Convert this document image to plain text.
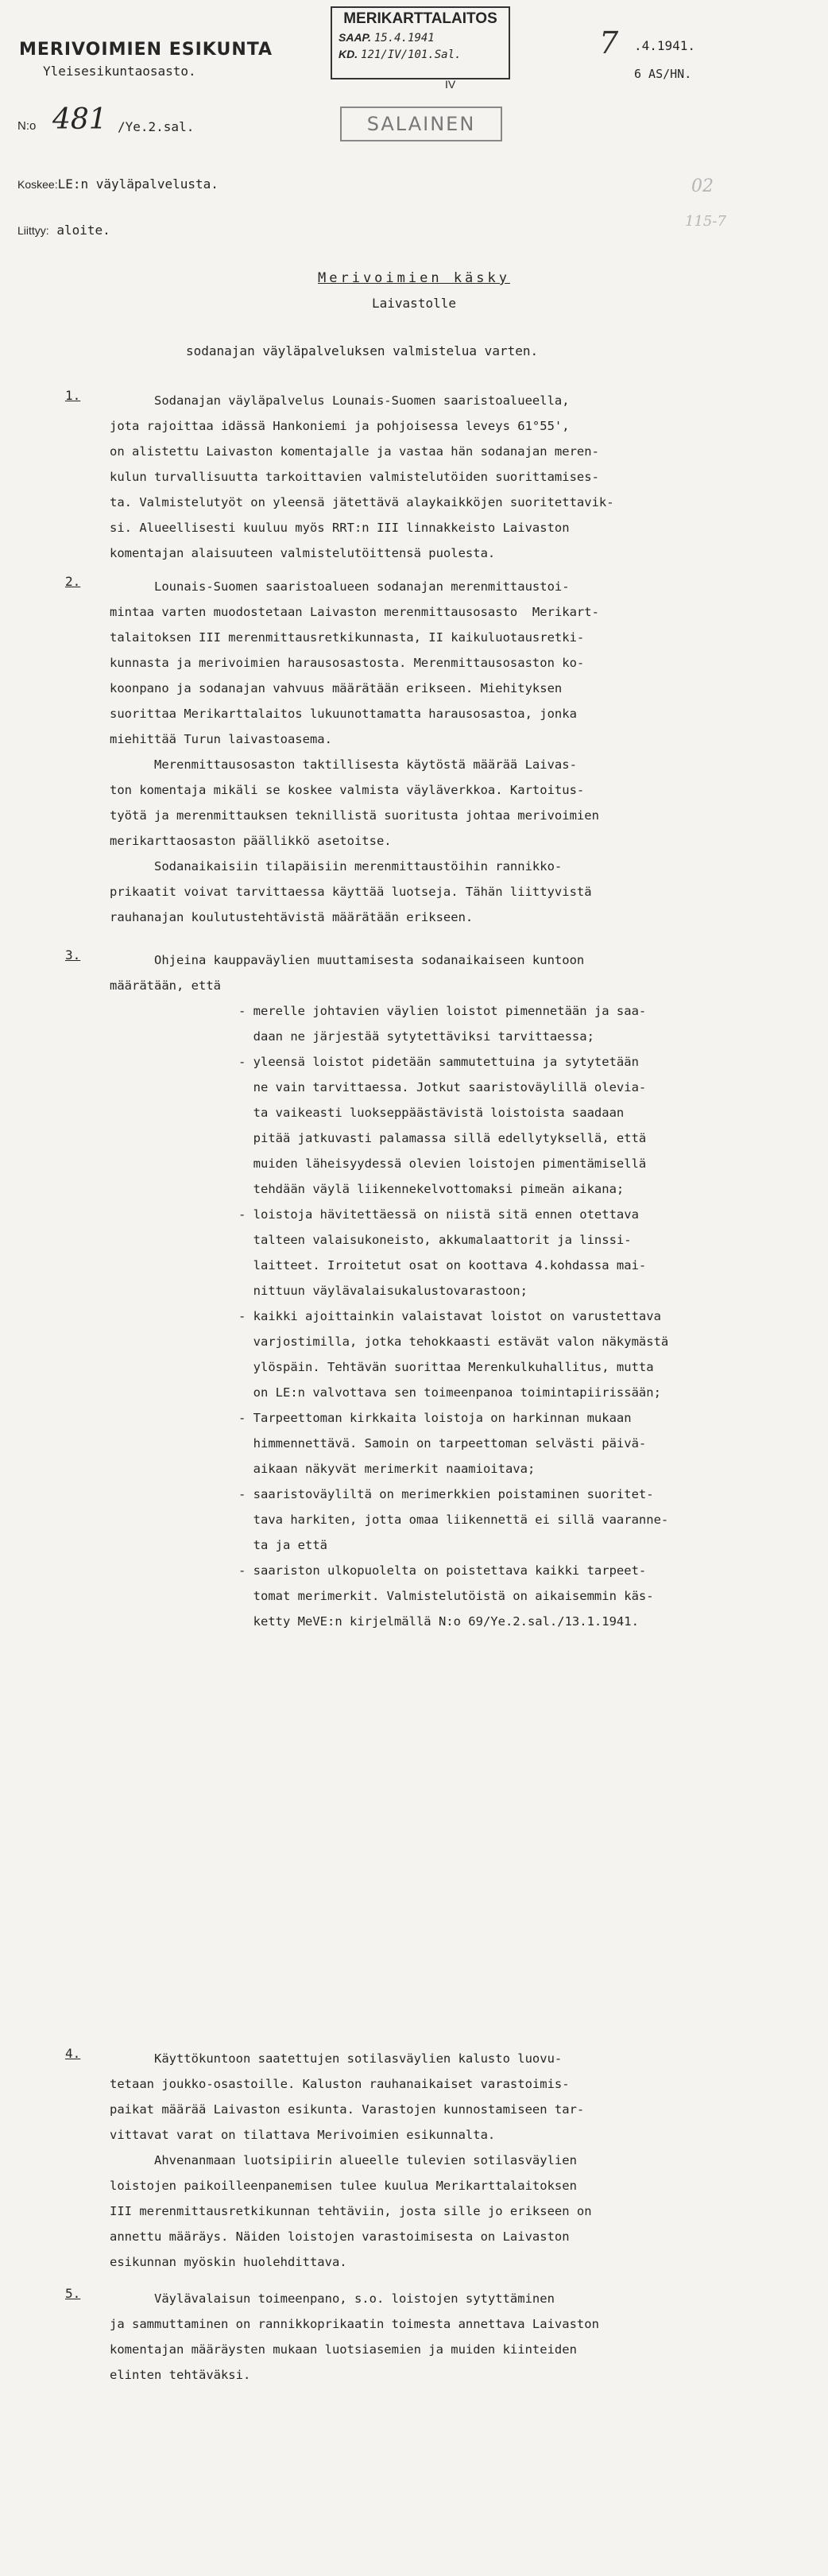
MERIVOIMIEN ESIKUNTA
Yleisesikuntaosasto.
MERIKARTTALAITOS
SAAP. 15.4.1941
KD. 121/IV/101.Sal.
IV
SALAINEN
7 .4.1941.
6 AS/HN.
N:o 481 /Ye.2.sal.
Koskee:LE:n väyläpalvelusta.
Liittyy: aloite.
02
115-7
Merivoimien käsky
Laivastolle
sodanajan väyläpalveluksen valmistelua varten.
1. Sodanajan väyläpalvelus Lounais-Suomen saaristoalueella,
jota rajoittaa idässä Hankoniemi ja pohjoisessa leveys 61°55',
on alistettu Laivaston komentajalle ja vastaa hän sodanajan meren-
kulun turvallisuutta tarkoittavien valmistelutöiden suorittamises-
ta. Valmistelutyöt on yleensä jätettävä alaykaikköjen suoritettavik-
si. Alueellisesti kuuluu myös RRT:n III linnakkeisto Laivaston
komentajan alaisuuteen valmistelutöittensä puolesta.
2. Lounais-Suomen saaristoalueen sodanajan merenmittaustoi-
mintaa varten muodostetaan Laivaston merenmittausosasto  Merikart-
talaitoksen III merenmittausretkikunnasta, II kaikuluotausretki-
kunnasta ja merivoimien harausosastosta. Merenmittausosaston ko-
koonpano ja sodanajan vahvuus määrätään erikseen. Miehityksen
suorittaa Merikarttalaitos lukuunottamatta harausosastoa, jonka
miehittää Turun laivastoasema.
Merenmittausosaston taktillisesta käytöstä määrää Laivas-
ton komentaja mikäli se koskee valmista väyläverkkoa. Kartoitus-
työtä ja merenmittauksen teknillistä suoritusta johtaa merivoimien
merikarttaosaston päällikkö asetoitse.
Sodanaikaisiin tilapäisiin merenmittaustöihin rannikko-
prikaatit voivat tarvittaessa käyttää luotseja. Tähän liittyvistä
rauhanajan koulutustehtävistä määrätään erikseen.
3. Ohjeina kauppaväylien muuttamisesta sodanaikaiseen kuntoon
määrätään, että
- merelle johtavien väylien loistot pimennetään ja saa-
daan ne järjestää sytytettäviksi tarvittaessa;
- yleensä loistot pidetään sammutettuina ja sytytetään
ne vain tarvittaessa. Jotkut saaristoväylillä olevia-
ta vaikeasti luokseppäästävistä loistoista saadaan
pitää jatkuvasti palamassa sillä edellytyksellä, että
muiden läheisyydessä olevien loistojen pimentämisellä
tehdään väylä liikennekelvottomaksi pimeän aikana;
- loistoja hävitettäessä on niistä sitä ennen otettava
talteen valaisukoneisto, akkumalaattorit ja linssi-
laitteet. Irroitetut osat on koottava 4.kohdassa mai-
nittuun väylävalaisukalustovarastoon;
- kaikki ajoittainkin valaistavat loistot on varustettava
varjostimilla, jotka tehokkaasti estävät valon näkymästä
ylöspäin. Tehtävän suorittaa Merenkulkuhallitus, mutta
on LE:n valvottava sen toimeenpanoa toimintapiirissään;
- Tarpeettoman kirkkaita loistoja on harkinnan mukaan
himmennettävä. Samoin on tarpeettoman selvästi päivä-
aikaan näkyvät merimerkit naamioitava;
- saaristoväyliltä on merimerkkien poistaminen suoritet-
tava harkiten, jotta omaa liikennettä ei sillä vaaranne-
ta ja että
- saariston ulkopuolelta on poistettava kaikki tarpeet-
tomat merimerkit. Valmistelutöistä on aikaisemmin käs-
ketty MeVE:n kirjelmällä N:o 69/Ye.2.sal./13.1.1941.
4. Käyttökuntoon saatettujen sotilasväylien kalusto luovu-
tetaan joukko-osastoille. Kaluston rauhanaikaiset varastoimis-
paikat määrää Laivaston esikunta. Varastojen kunnostamiseen tar-
vittavat varat on tilattava Merivoimien esikunnalta.
Ahvenanmaan luotsipiirin alueelle tulevien sotilasväylien
loistojen paikoilleenpanemisen tulee kuulua Merikarttalaitoksen
III merenmittausretkikunnan tehtäviin, josta sille jo erikseen on
annettu määräys. Näiden loistojen varastoimisesta on Laivaston
esikunnan myöskin huolehdittava.
5. Väylävalaisun toimeenpano, s.o. loistojen sytyttäminen
ja sammuttaminen on rannikkoprikaatin toimesta annettava Laivaston
komentajan määräysten mukaan luotsiasemien ja muiden kiinteiden
elinten tehtäväksi.
